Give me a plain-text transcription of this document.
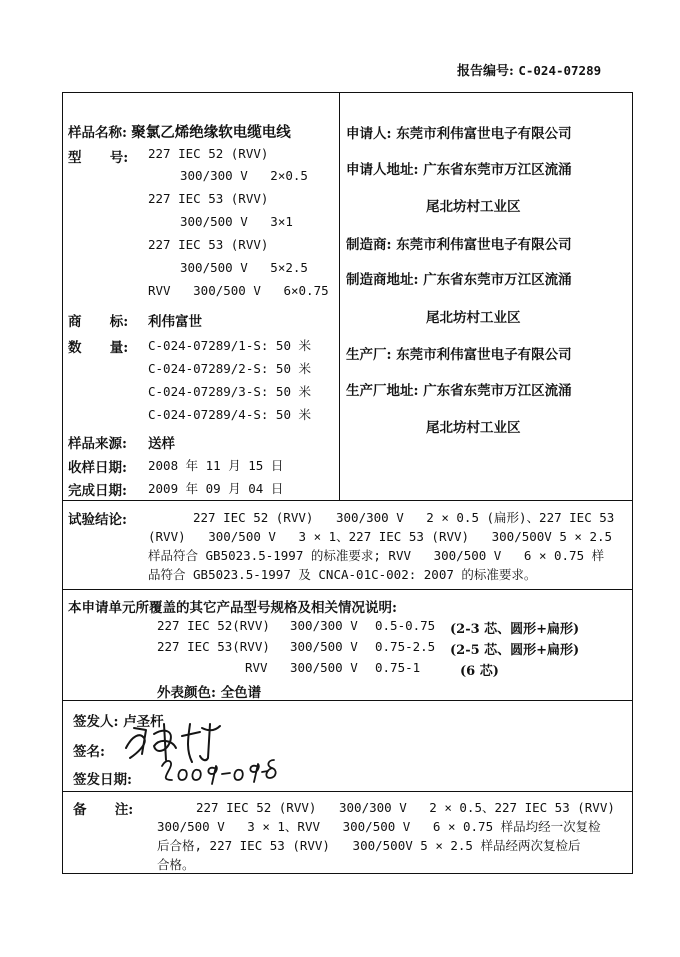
报告编号: C-024-07289
样品名称: 聚氯乙烯绝缘软电缆电线
型      号: 227 IEC 52 (RVV)
300/300 V   2×0.5
227 IEC 53 (RVV)
300/500 V   3×1
227 IEC 53 (RVV)
300/500 V   5×2.5
RVV   300/500 V   6×0.75
商      标: 利伟富世
数      量: C-024-07289/1-S: 50 米
C-024-07289/2-S: 50 米
C-024-07289/3-S: 50 米
C-024-07289/4-S: 50 米
样品来源: 送样
收样日期: 2008 年 11 月 15 日
完成日期: 2009 年 09 月 04 日
申请人: 东莞市利伟富世电子有限公司
申请人地址: 广东省东莞市万江区流涌
尾北坊村工业区
制造商: 东莞市利伟富世电子有限公司
制造商地址: 广东省东莞市万江区流涌
尾北坊村工业区
生产厂: 东莞市利伟富世电子有限公司
生产厂地址: 广东省东莞市万江区流涌
尾北坊村工业区
试验结论:	227 IEC 52 (RVV)   300/300 V   2 × 0.5 (扁形)、227 IEC 53
(RVV)   300/500 V   3 × 1、227 IEC 53 (RVV)   300/500V 5 × 2.5
样品符合 GB5023.5-1997 的标准要求; RVV   300/500 V   6 × 0.75 样
品符合 GB5023.5-1997 及 CNCA-01C-002: 2007 的标准要求。
本申请单元所覆盖的其它产品型号规格及相关情况说明:
227 IEC 52(RVV) 300/300 V 0.5-0.75 (2-3 芯、圆形+扁形)
227 IEC 53(RVV) 300/500 V 0.75-2.5 (2-5 芯、圆形+扁形)
RVV 300/500 V 0.75-1	(6 芯)
外表颜色: 全色谱
签发人: 卢圣杆
签名:
签发日期:
备      注:	227 IEC 52 (RVV)   300/300 V   2 × 0.5、227 IEC 53 (RVV)
300/500 V   3 × 1、RVV   300/500 V   6 × 0.75 样品均经一次复检
后合格, 227 IEC 53 (RVV)   300/500V 5 × 2.5 样品经两次复检后
合格。
